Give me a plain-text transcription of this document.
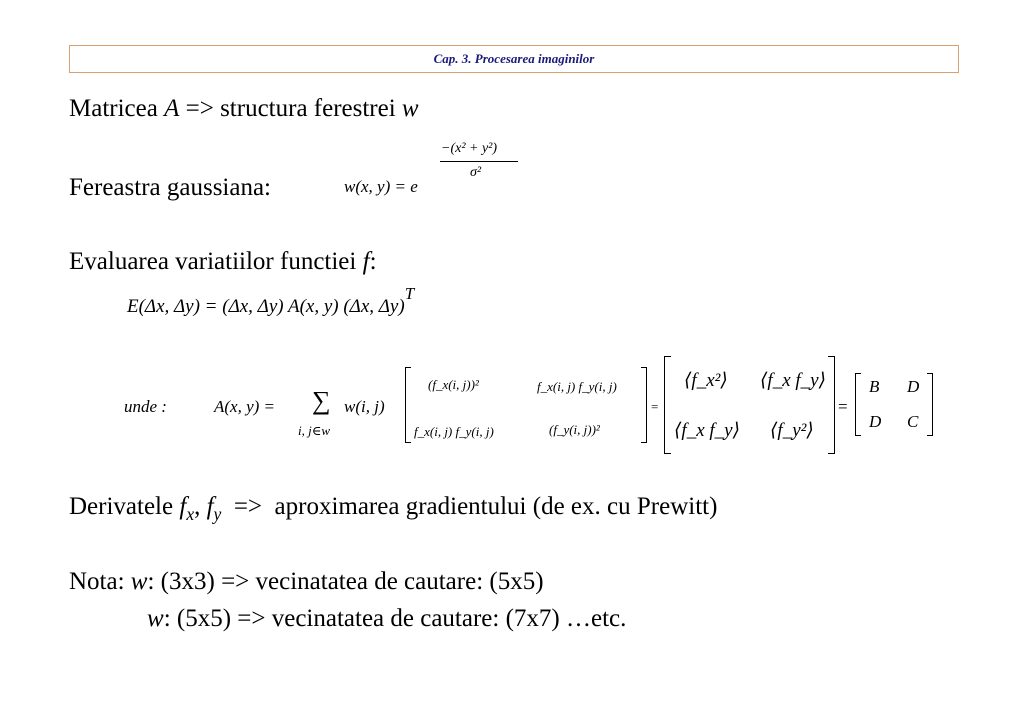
Cap. 3. Procesarea imaginilor
Matricea A => structura ferestrei w
Fereastra gaussiana:	w(x, y) = e
−(x² + y²)
σ²
Evaluarea variatiilor functiei f:
E(Δx, Δy) = (Δx, Δy) A(x, y) (Δx, Δy)$^T$
unde :	A(x, y) = ∑
i, j∈w
w(i, j)
(f_x(i, j))²	f_x(i, j) f_y(i, j)
f_x(i, j) f_y(i, j)	(f_y(i, j))²
=
⟨f_x²⟩ ⟨f_x f_y⟩
⟨f_x f_y⟩ ⟨f_y²⟩
=
B D
D C
Derivatele $f_x$, $f_y$  =>  aproximarea gradientului (de ex. cu Prewitt)
Nota: w: (3x3) => vecinatatea de cautare: (5x5)
w: (5x5) => vecinatatea de cautare: (7x7) …etc.
